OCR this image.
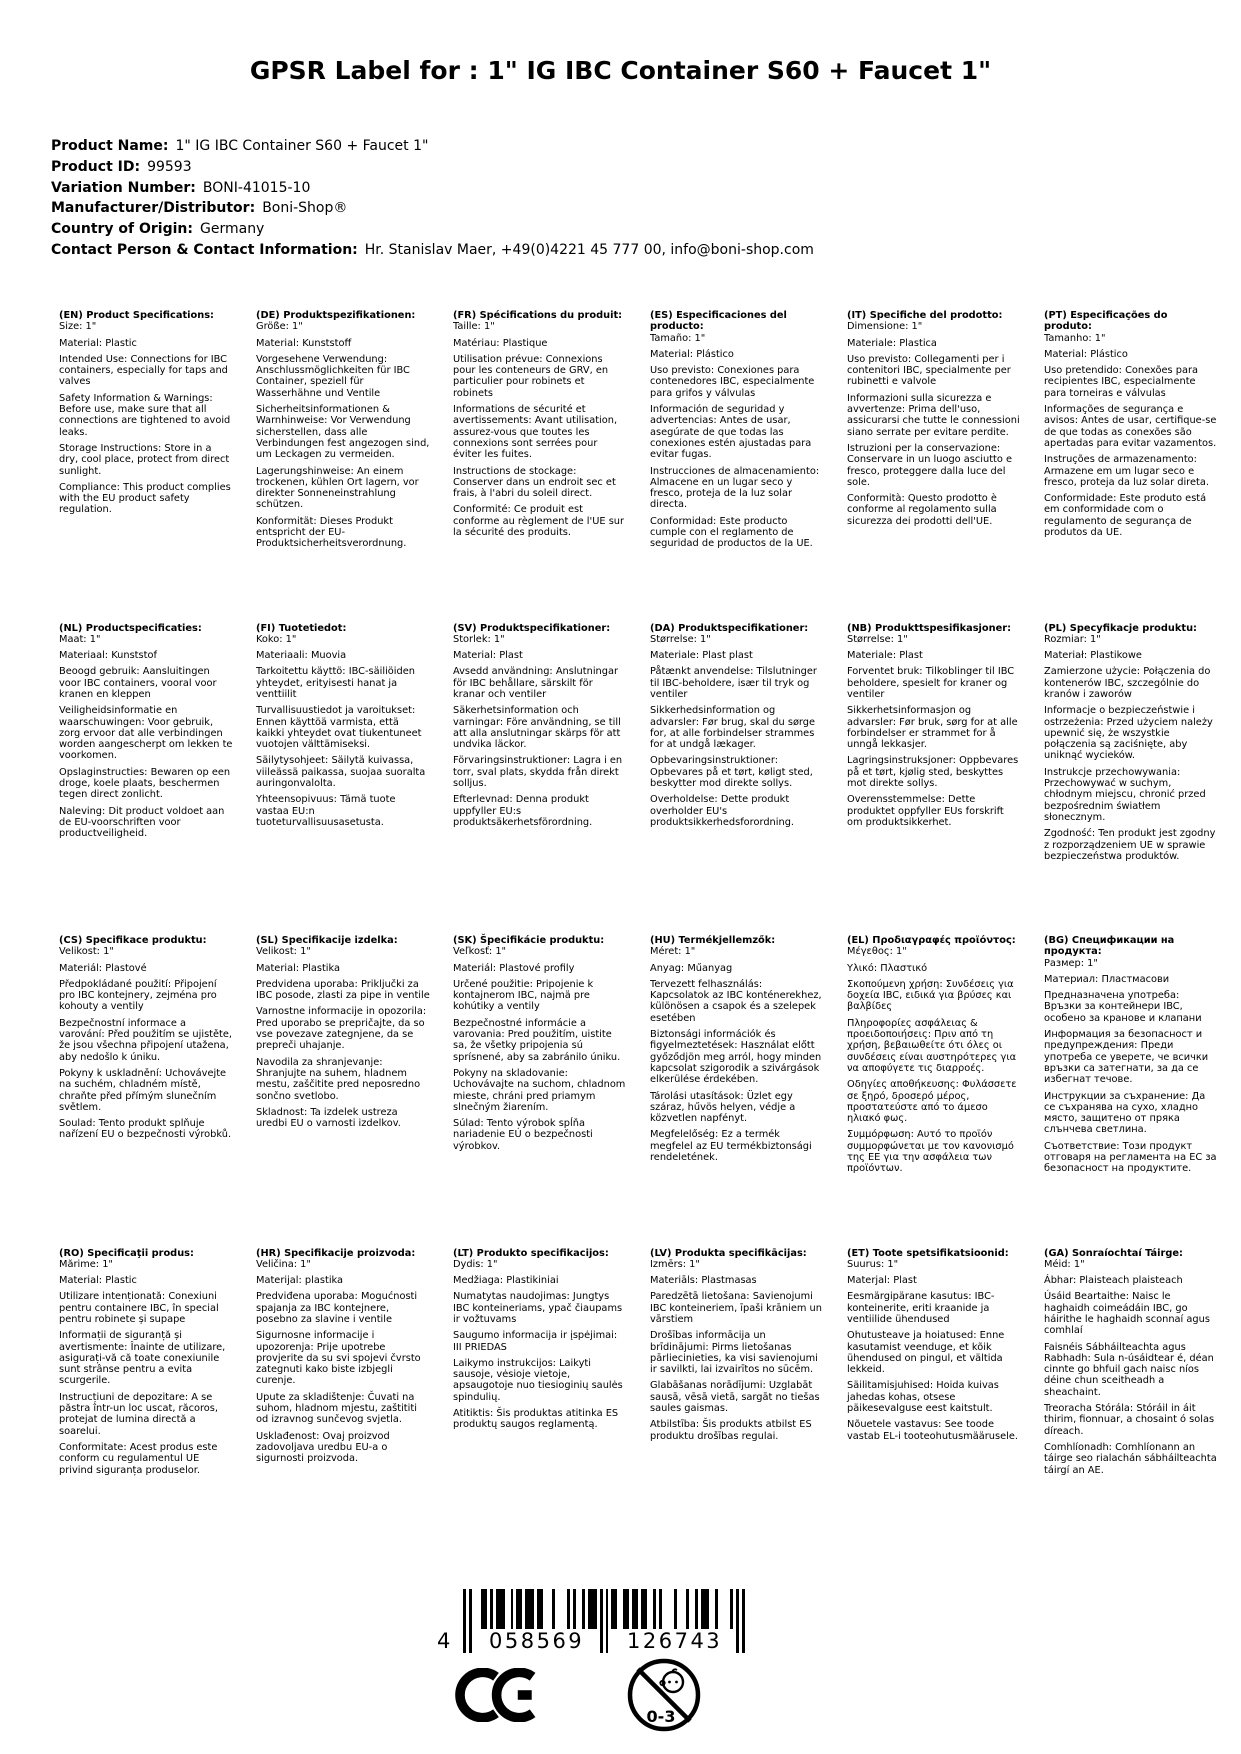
GPSR Label for : 1" IG IBC Container S60 + Faucet 1"
Product Name: 1" IG IBC Container S60 + Faucet 1"
Product ID: 99593
Variation Number: BONI-41015-10
Manufacturer/Distributor: Boni-Shop®
Country of Origin: Germany
Contact Person & Contact Information: Hr. Stanislav Maer, +49(0)4221 45 777 00, info@boni-shop.com
(EN) Product Specifications:

Size: 1"

Material: Plastic

Intended Use: Connections for IBC containers, especially for taps and valves

Safety Information & Warnings: Before use, make sure that all connections are tightened to avoid leaks.

Storage Instructions: Store in a dry, cool place, protect from direct sunlight.

Compliance: This product complies with the EU product safety regulation.

(DE) Produktspezifikationen:

Größe: 1"

Material: Kunststoff

Vorgesehene Verwendung: Anschlussmöglichkeiten für IBC Container, speziell für Wasserhähne und Ventile

Sicherheitsinformationen & Warnhinweise: Vor Verwendung sicherstellen, dass alle Verbindungen fest angezogen sind, um Leckagen zu vermeiden.

Lagerungshinweise: An einem trockenen, kühlen Ort lagern, vor direkter Sonneneinstrahlung schützen.

Konformität: Dieses Produkt entspricht der EU-Produktsicherheitsverordnung.

(FR) Spécifications du produit:

Taille: 1"

Matériau: Plastique

Utilisation prévue: Connexions pour les conteneurs de GRV, en particulier pour robinets et robinets

Informations de sécurité et avertissements: Avant utilisation, assurez-vous que toutes les connexions sont serrées pour éviter les fuites.

Instructions de stockage: Conserver dans un endroit sec et frais, à l'abri du soleil direct.

Conformité: Ce produit est conforme au règlement de l'UE sur la sécurité des produits.

(ES) Especificaciones del producto:

Tamaño: 1"

Material: Plástico

Uso previsto: Conexiones para contenedores IBC, especialmente para grifos y válvulas

Información de seguridad y advertencias: Antes de usar, asegúrate de que todas las conexiones estén ajustadas para evitar fugas.

Instrucciones de almacenamiento: Almacene en un lugar seco y fresco, proteja de la luz solar directa.

Conformidad: Este producto cumple con el reglamento de seguridad de productos de la UE.

(IT) Specifiche del prodotto:

Dimensione: 1"

Materiale: Plastica

Uso previsto: Collegamenti per i contenitori IBC, specialmente per rubinetti e valvole

Informazioni sulla sicurezza e avvertenze: Prima dell'uso, assicurarsi che tutte le connessioni siano serrate per evitare perdite.

Istruzioni per la conservazione: Conservare in un luogo asciutto e fresco, proteggere dalla luce del sole.

Conformità: Questo prodotto è conforme al regolamento sulla sicurezza dei prodotti dell'UE.

(PT) Especificações do produto:

Tamanho: 1"

Material: Plástico

Uso pretendido: Conexões para recipientes IBC, especialmente para torneiras e válvulas

Informações de segurança e avisos: Antes de usar, certifique-se de que todas as conexões são apertadas para evitar vazamentos.

Instruções de armazenamento: Armazene em um lugar seco e fresco, proteja da luz solar direta.

Conformidade: Este produto está em conformidade com o regulamento de segurança de produtos da UE.

(NL) Productspecificaties:

Maat: 1"

Materiaal: Kunststof

Beoogd gebruik: Aansluitingen voor IBC containers, vooral voor kranen en kleppen

Veiligheidsinformatie en waarschuwingen: Voor gebruik, zorg ervoor dat alle verbindingen worden aangescherpt om lekken te voorkomen.

Opslaginstructies: Bewaren op een droge, koele plaats, beschermen tegen direct zonlicht.

Naleving: Dit product voldoet aan de EU-voorschriften voor productveiligheid.

(FI) Tuotetiedot:

Koko: 1"

Materiaali: Muovia

Tarkoitettu käyttö: IBC-säiliöiden yhteydet, erityisesti hanat ja venttiilit

Turvallisuustiedot ja varoitukset: Ennen käyttöä varmista, että kaikki yhteydet ovat tiukentuneet vuotojen välttämiseksi.

Säilytysohjeet: Säilytä kuivassa, viileässä paikassa, suojaa suoralta auringonvalolta.

Yhteensopivuus: Tämä tuote vastaa EU:n tuoteturvallisuusasetusta.

(SV) Produktspecifikationer:

Storlek: 1"

Material: Plast

Avsedd användning: Anslutningar för IBC behållare, särskilt för kranar och ventiler

Säkerhetsinformation och varningar: Före användning, se till att alla anslutningar skärps för att undvika läckor.

Förvaringsinstruktioner: Lagra i en torr, sval plats, skydda från direkt solljus.

Efterlevnad: Denna produkt uppfyller EU:s produktsäkerhetsförordning.

(DA) Produktspecifikationer:

Størrelse: 1"

Materiale: Plast plast

Påtænkt anvendelse: Tilslutninger til IBC-beholdere, især til tryk og ventiler

Sikkerhedsinformation og advarsler: Før brug, skal du sørge for, at alle forbindelser strammes for at undgå lækager.

Opbevaringsinstruktioner: Opbevares på et tørt, køligt sted, beskytter mod direkte sollys.

Overholdelse: Dette produkt overholder EU's produktsikkerhedsforordning.

(NB) Produkttspesifikasjoner:

Størrelse: 1"

Materiale: Plast

Forventet bruk: Tilkoblinger til IBC beholdere, spesielt for kraner og ventiler

Sikkerhetsinformasjon og advarsler: Før bruk, sørg for at alle forbindelser er strammet for å unngå lekkasjer.

Lagringsinstruksjoner: Oppbevares på et tørt, kjølig sted, beskyttes mot direkte sollys.

Overensstemmelse: Dette produktet oppfyller EUs forskrift om produktsikkerhet.

(PL) Specyfikacje produktu:

Rozmiar: 1"

Materiał: Plastikowe

Zamierzone użycie: Połączenia do kontenerów IBC, szczególnie do kranów i zaworów

Informacje o bezpieczeństwie i ostrzeżenia: Przed użyciem należy upewnić się, że wszystkie połączenia są zaciśnięte, aby uniknąć wycieków.

Instrukcje przechowywania: Przechowywać w suchym, chłodnym miejscu, chronić przed bezpośrednim światłem słonecznym.

Zgodność: Ten produkt jest zgodny z rozporządzeniem UE w sprawie bezpieczeństwa produktów.

(CS) Specifikace produktu:

Velikost: 1"

Materiál: Plastové

Předpokládané použití: Připojení pro IBC kontejnery, zejména pro kohouty a ventily

Bezpečnostní informace a varování: Před použitím se ujistěte, že jsou všechna připojení utažena, aby nedošlo k úniku.

Pokyny k uskladnění: Uchovávejte na suchém, chladném místě, chraňte před přímým slunečním světlem.

Soulad: Tento produkt splňuje nařízení EU o bezpečnosti výrobků.

(SL) Specifikacije izdelka:

Velikost: 1"

Material: Plastika

Predvidena uporaba: Priključki za IBC posode, zlasti za pipe in ventile

Varnostne informacije in opozorila: Pred uporabo se prepričajte, da so vse povezave zategnjene, da se prepreči uhajanje.

Navodila za shranjevanje: Shranjujte na suhem, hladnem mestu, zaščitite pred neposredno sončno svetlobo.

Skladnost: Ta izdelek ustreza uredbi EU o varnosti izdelkov.

(SK) Špecifikácie produktu:

Veľkosť: 1"

Materiál: Plastové profily

Určené použitie: Pripojenie k kontajnerom IBC, najmä pre kohútiky a ventily

Bezpečnostné informácie a varovania: Pred použitím, uistite sa, že všetky pripojenia sú sprísnené, aby sa zabránilo úniku.

Pokyny na skladovanie: Uchovávajte na suchom, chladnom mieste, chráni pred priamym slnečným žiarením.

Súlad: Tento výrobok spĺňa nariadenie EÚ o bezpečnosti výrobkov.

(HU) Termékjellemzők:

Méret: 1"

Anyag: Műanyag

Tervezett felhasználás: Kapcsolatok az IBC konténerekhez, különösen a csapok és a szelepek esetében

Biztonsági információk és figyelmeztetések: Használat előtt győződjön meg arról, hogy minden kapcsolat szigorodik a szivárgások elkerülése érdekében.

Tárolási utasítások: Üzlet egy száraz, hűvös helyen, védje a közvetlen napfényt.

Megfelelőség: Ez a termék megfelel az EU termékbiztonsági rendeletének.

(EL) Προδιαγραφές προϊόντος:

Μέγεθος: 1"

Υλικό: Πλαστικό

Σκοπούμενη χρήση: Συνδέσεις για δοχεία IBC, ειδικά για βρύσες και βαλβίδες

Πληροφορίες ασφάλειας & προειδοποιήσεις: Πριν από τη χρήση, βεβαιωθείτε ότι όλες οι συνδέσεις είναι αυστηρότερες για να αποφύγετε τις διαρροές.

Οδηγίες αποθήκευσης: Φυλάσσετε σε ξηρό, δροσερό μέρος, προστατεύστε από το άμεσο ηλιακό φως.

Συμμόρφωση: Αυτό το προϊόν συμμορφώνεται με τον κανονισμό της ΕΕ για την ασφάλεια των προϊόντων.

(BG) Спецификации на продукта:

Размер: 1"

Материал: Пластмасови

Предназначена употреба: Връзки за контейнери IBC, особено за кранове и клапани

Информация за безопасност и предупреждения: Преди употреба се уверете, че всички връзки са затегнати, за да се избегнат течове.

Инструкции за съхранение: Да се съхранява на сухо, хладно място, защитено от пряка слънчева светлина.

Съответствие: Този продукт отговаря на регламента на ЕС за безопасност на продуктите.

(RO) Specificaţii produs:

Mărime: 1"

Material: Plastic

Utilizare intenționată: Conexiuni pentru containere IBC, în special pentru robinete și supape

Informații de siguranță și avertismente: Înainte de utilizare, asigurați-vă că toate conexiunile sunt strânse pentru a evita scurgerile.

Instrucțiuni de depozitare: A se păstra într-un loc uscat, răcoros, protejat de lumina directă a soarelui.

Conformitate: Acest produs este conform cu regulamentul UE privind siguranța produselor.

(HR) Specifikacije proizvoda:

Veličina: 1"

Materijal: plastika

Predviđena uporaba: Mogućnosti spajanja za IBC kontejnere, posebno za slavine i ventile

Sigurnosne informacije i upozorenja: Prije upotrebe provjerite da su svi spojevi čvrsto zategnuti kako biste izbjegli curenje.

Upute za skladištenje: Čuvati na suhom, hladnom mjestu, zaštititi od izravnog sunčevog svjetla.

Usklađenost: Ovaj proizvod zadovoljava uredbu EU-a o sigurnosti proizvoda.

(LT) Produkto specifikacijos:

Dydis: 1"

Medžiaga: Plastikiniai

Numatytas naudojimas: Jungtys IBC konteineriams, ypač čiaupams ir vožtuvams

Saugumo informacija ir įspėjimai: III PRIEDAS

Laikymo instrukcijos: Laikyti sausoje, vėsioje vietoje, apsaugotoje nuo tiesioginių saulės spindulių.

Atitiktis: Šis produktas atitinka ES produktų saugos reglamentą.

(LV) Produkta specifikācijas:

Izmērs: 1"

Materiāls: Plastmasas

Paredzētā lietošana: Savienojumi IBC konteineriem, īpaši krāniem un vārstiem

Drošības informācija un brīdinājumi: Pirms lietošanas pārliecinieties, ka visi savienojumi ir savilkti, lai izvairītos no sūcēm.

Glabāšanas norādījumi: Uzglabāt sausā, vēsā vietā, sargāt no tiešas saules gaismas.

Atbilstība: Šis produkts atbilst ES produktu drošības regulai.

(ET) Toote spetsifikatsioonid:

Suurus: 1"

Materjal: Plast

Eesmärgipärane kasutus: IBC-konteinerite, eriti kraanide ja ventiilide ühendused

Ohutusteave ja hoiatused: Enne kasutamist veenduge, et kõik ühendused on pingul, et vältida lekkeid.

Säilitamisjuhised: Hoida kuivas jahedas kohas, otsese päikesevalguse eest kaitstult.

Nõuetele vastavus: See toode vastab EL-i tooteohutusmäärusele.

(GA) Sonraíochtaí Táirge:

Méid: 1"

Ábhar: Plaisteach plaisteach

Úsáid Beartaithe: Naisc le haghaidh coimeádáin IBC, go háirithe le haghaidh sconnaí agus comhlaí

Faisnéis Sábháilteachta agus Rabhadh: Sula n-úsáidtear é, déan cinnte go bhfuil gach naisc níos déine chun sceitheadh a sheachaint.

Treoracha Stórála: Stóráil in áit thirim, fionnuar, a chosaint ó solas díreach.

Comhlíonadh: Comhlíonann an táirge seo rialachán sábháilteachta táirgí an AE.

4 058569 126743
0-3
